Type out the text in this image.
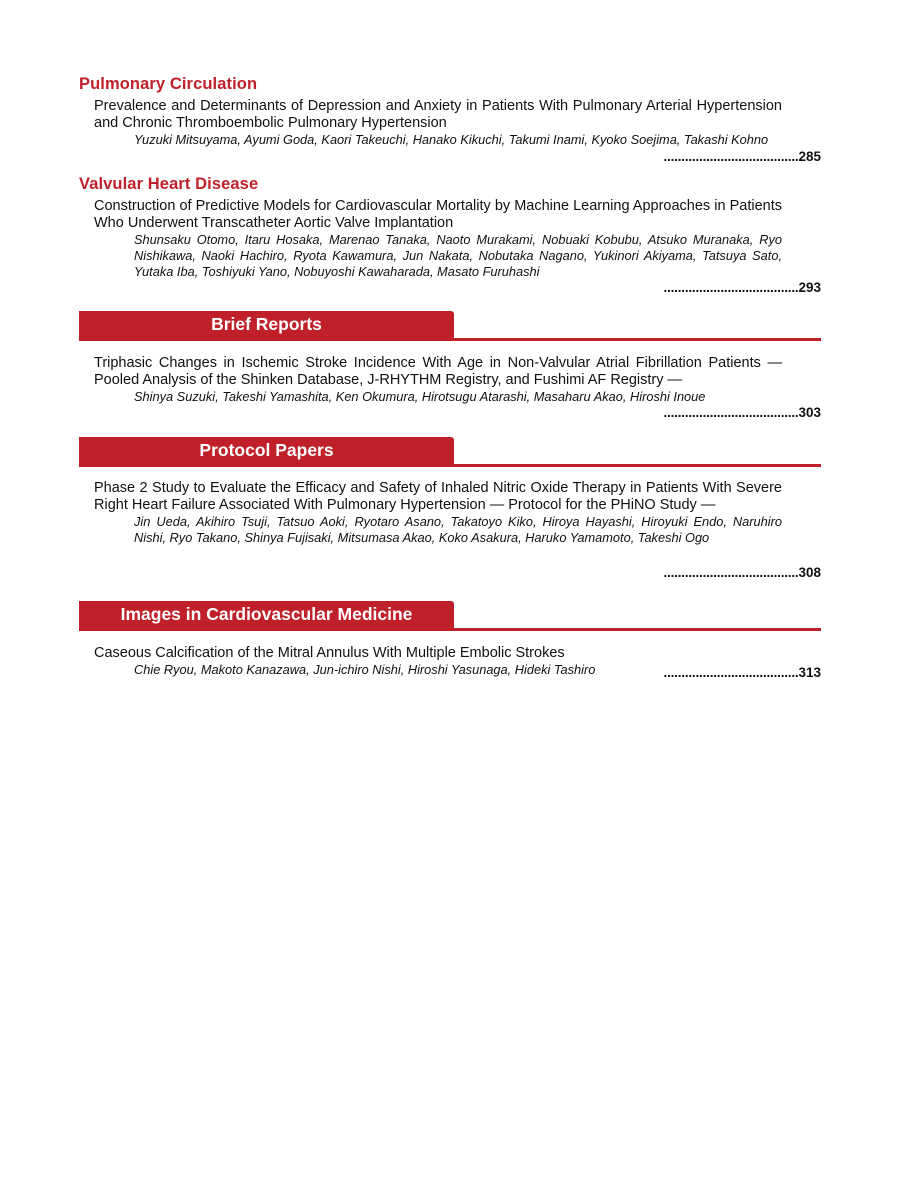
Pulmonary Circulation
Prevalence and Determinants of Depression and Anxiety in Patients With Pulmonary Arterial Hypertension and Chronic Thromboembolic Pulmonary Hypertension
Yuzuki Mitsuyama, Ayumi Goda, Kaori Takeuchi, Hanako Kikuchi, Takumi Inami, Kyoko Soejima, Takashi Kohno
......................................285
Valvular Heart Disease
Construction of Predictive Models for Cardiovascular Mortality by Machine Learning Approaches in Patients Who Underwent Transcatheter Aortic Valve Implantation
Shunsaku Otomo, Itaru Hosaka, Marenao Tanaka, Naoto Murakami, Nobuaki Kobubu, Atsuko Muranaka, Ryo Nishikawa, Naoki Hachiro, Ryota Kawamura, Jun Nakata, Nobutaka Nagano, Yukinori Akiyama, Tatsuya Sato, Yutaka Iba, Toshiyuki Yano, Nobuyoshi Kawaharada, Masato Furuhashi
......................................293
Brief Reports
Triphasic Changes in Ischemic Stroke Incidence With Age in Non-Valvular Atrial Fibrillation Patients — Pooled Analysis of the Shinken Database, J-RHYTHM Registry, and Fushimi AF Registry —
Shinya Suzuki, Takeshi Yamashita, Ken Okumura, Hirotsugu Atarashi, Masaharu Akao, Hiroshi Inoue
......................................303
Protocol Papers
Phase 2 Study to Evaluate the Efficacy and Safety of Inhaled Nitric Oxide Therapy in Patients With Severe Right Heart Failure Associated With Pulmonary Hypertension — Protocol for the PHiNO Study —
Jin Ueda, Akihiro Tsuji, Tatsuo Aoki, Ryotaro Asano, Takatoyo Kiko, Hiroya Hayashi, Hiroyuki Endo, Naruhiro Nishi, Ryo Takano, Shinya Fujisaki, Mitsumasa Akao, Koko Asakura, Haruko Yamamoto, Takeshi Ogo
......................................308
Images in Cardiovascular Medicine
Caseous Calcification of the Mitral Annulus With Multiple Embolic Strokes
Chie Ryou, Makoto Kanazawa, Jun-ichiro Nishi, Hiroshi Yasunaga, Hideki Tashiro	......................................313
